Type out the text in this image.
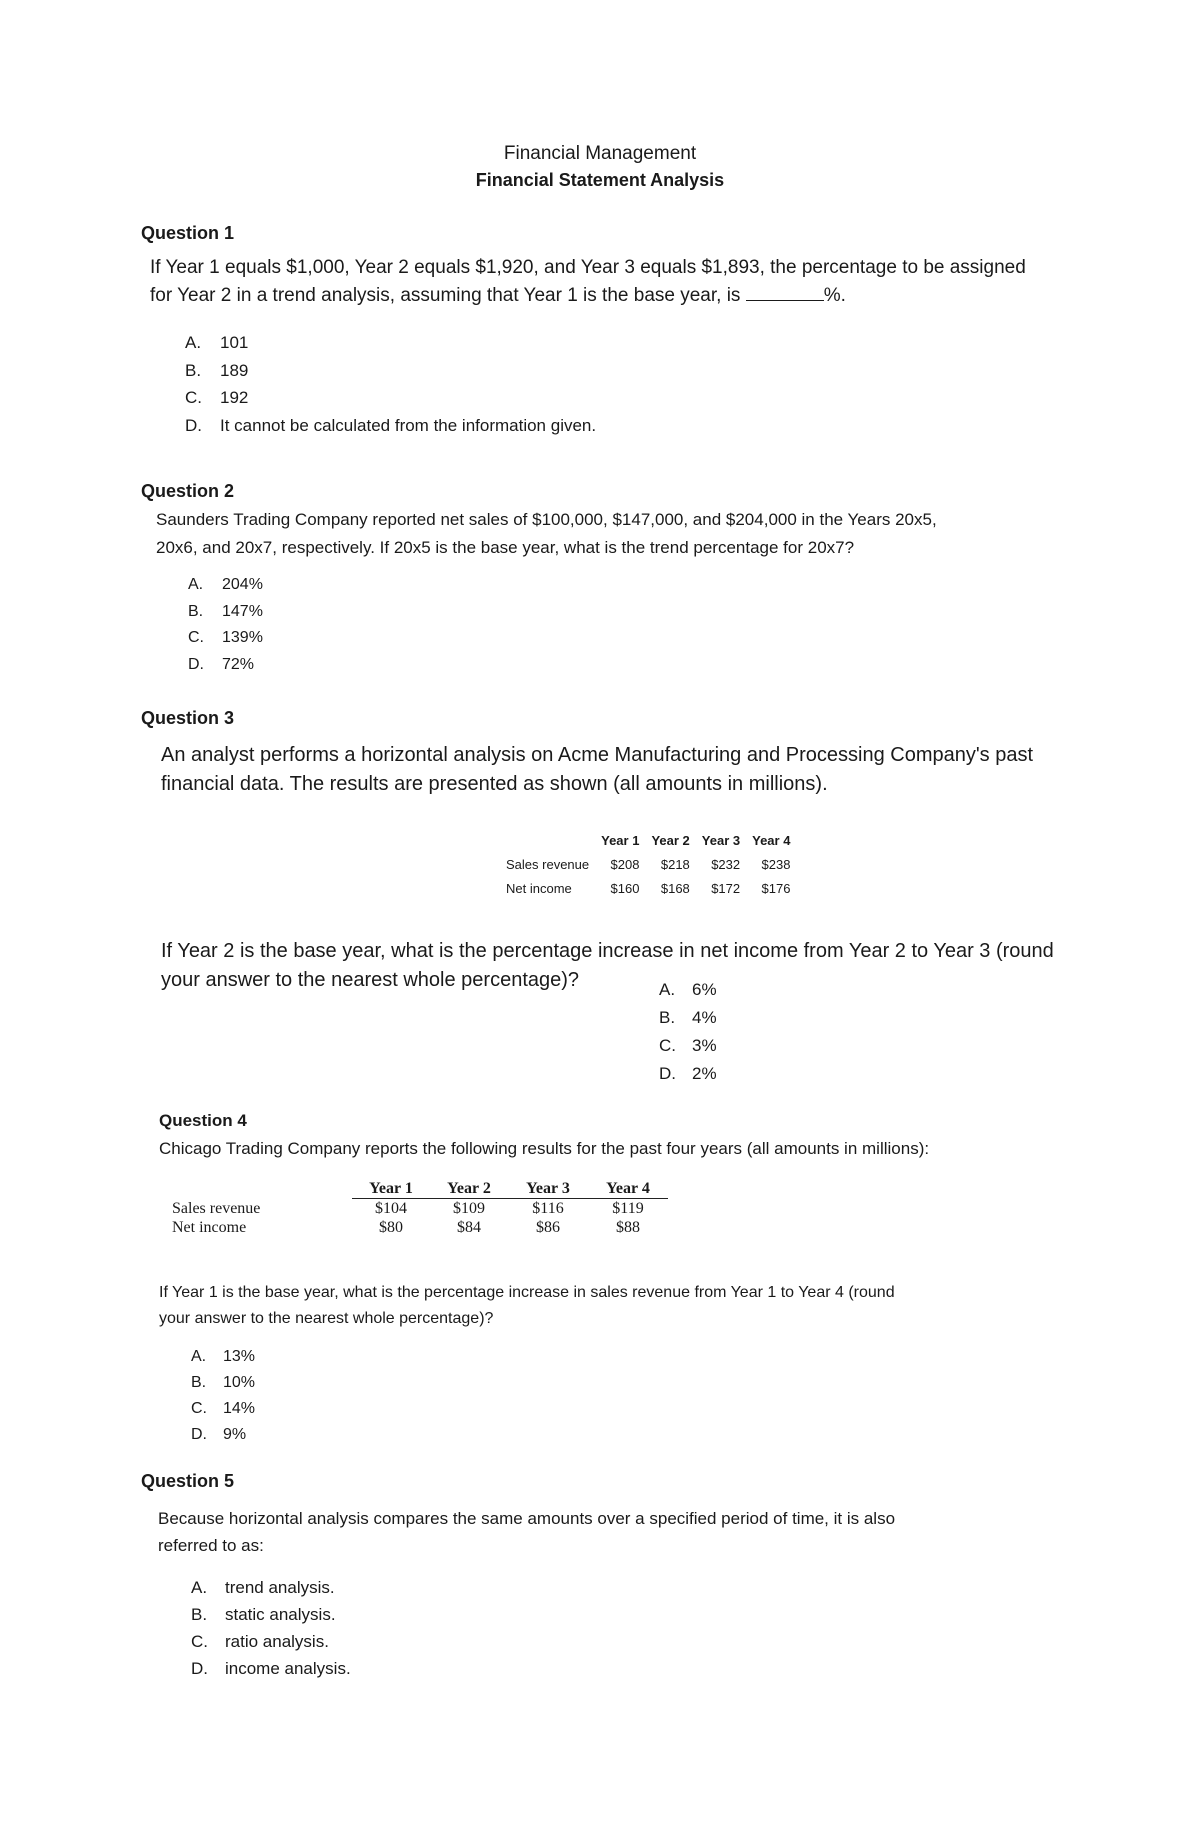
Financial Management
Financial Statement Analysis
Question 1
If Year 1 equals $1,000, Year 2 equals $1,920, and Year 3 equals $1,893, the percentage to be assigned
for Year 2 in a trend analysis, assuming that Year 1 is the base year, is	%.
A. 101
B. 189
C. 192
D. It cannot be calculated from the information given.
Question 2
Saunders Trading Company reported net sales of $100,000, $147,000, and $204,000 in the Years 20x5,
20x6, and 20x7, respectively. If 20x5 is the base year, what is the trend percentage for 20x7?
A. 204%
B. 147%
C. 139%
D. 72%
Question 3
An analyst performs a horizontal analysis on Acme Manufacturing and Processing Company's past
financial data. The results are presented as shown (all amounts in millions).
	Year 1	Year 2	Year 3	Year 4
Sales revenue	$208	$218	$232	$238
Net income	$160	$168	$172	$176
If Year 2 is the base year, what is the percentage increase in net income from Year 2 to Year 3 (round
your answer to the nearest whole percentage)?	A. 6%
B. 4%
C. 3%
D. 2%
Question 4
Chicago Trading Company reports the following results for the past four years (all amounts in millions):
	Year 1	Year 2	Year 3	Year 4
Sales revenue	$104	$109	$116	$119
Net income	$80	$84	$86	$88
If Year 1 is the base year, what is the percentage increase in sales revenue from Year 1 to Year 4 (round
your answer to the nearest whole percentage)?
A. 13%
B. 10%
C. 14%
D. 9%
Question 5
Because horizontal analysis compares the same amounts over a specified period of time, it is also
referred to as:
A. trend analysis.
B. static analysis.
C. ratio analysis.
D. income analysis.
